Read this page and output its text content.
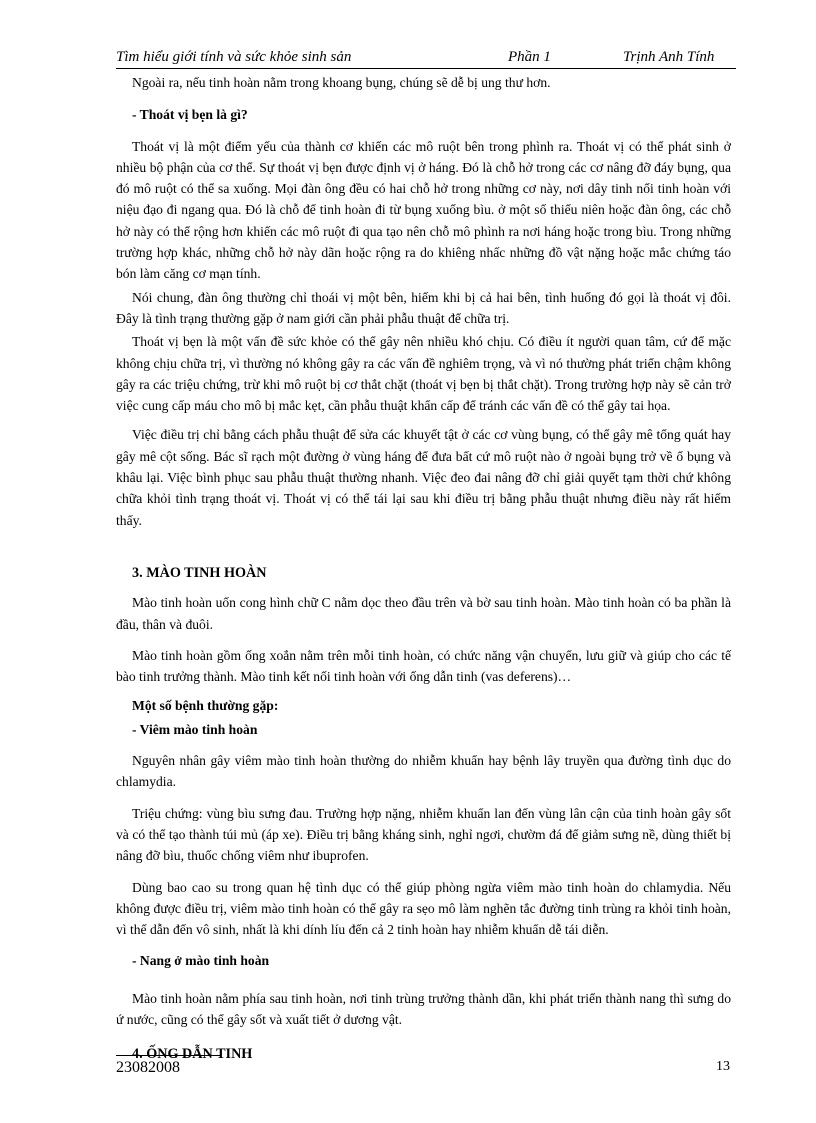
Tìm hiểu giới tính và sức khỏe sinh sản	Phần 1	Trịnh Anh Tính

Ngoài ra, nếu tinh hoàn nằm trong khoang bụng, chúng sẽ dễ bị ung thư hơn.

- Thoát vị bẹn là gì?

Thoát vị là một điểm yếu của thành cơ khiến các mô ruột bên trong phình ra. Thoát vị có thể phát sinh ở nhiều bộ phận của cơ thể. Sự thoát vị bẹn được định vị ở háng. Đó là chỗ hở trong các cơ nâng đỡ đáy bụng, qua đó mô ruột có thể sa xuống. Mọi đàn ông đều có hai chỗ hở trong những cơ này, nơi dây tinh nối tinh hoàn với niệu đạo đi ngang qua. Đó là chỗ để tinh hoàn đi từ bụng xuống bìu. ở một số thiếu niên hoặc đàn ông, các chỗ hở này có thể rộng hơn khiến các mô ruột đi qua tạo nên chỗ mô phình ra nơi háng hoặc trong bìu. Trong những trường hợp khác, những chỗ hở này dãn hoặc rộng ra do khiêng nhấc những đồ vật nặng hoặc mắc chứng táo bón làm căng cơ mạn tính.

Nói chung, đàn ông thường chỉ thoái vị một bên, hiếm khi bị cả hai bên, tình huống đó gọi là thoát vị đôi. Đây là tình trạng thường gặp ở nam giới cần phải phẫu thuật để chữa trị.

Thoát vị bẹn là một vấn đề sức khỏe có thể gây nên nhiều khó chịu. Có điều ít người quan tâm, cứ để mặc không chịu chữa trị, vì thường nó không gây ra các vấn đề nghiêm trọng, và vì nó thường phát triển chậm không gây ra các triệu chứng, trừ khi mô ruột bị cơ thắt chặt (thoát vị bẹn bị thắt chặt). Trong trường hợp này sẽ cản trở việc cung cấp máu cho mô bị mắc kẹt, cần phẫu thuật khẩn cấp để tránh các vấn đề có thể gây tai họa.

Việc điều trị chỉ bằng cách phẫu thuật để sửa các khuyết tật ở các cơ vùng bụng, có thể gây mê tổng quát hay gây mê cột sống. Bác sĩ rạch một đường ở vùng háng để đưa bất cứ mô ruột nào ở ngoài bụng trở về ổ bụng và khâu lại. Việc bình phục sau phẫu thuật thường nhanh. Việc đeo đai nâng đỡ chỉ giải quyết tạm thời chứ không chữa khỏi tình trạng thoát vị. Thoát vị có thể tái lại sau khi điều trị bằng phẫu thuật nhưng điều này rất hiếm thấy.

3. MÀO TINH HOÀN

Mào tinh hoàn uốn cong hình chữ C nằm dọc theo đầu trên và bờ sau tinh hoàn. Mào tinh hoàn có ba phần là đầu, thân và đuôi.

Mào tinh hoàn gồm ống xoắn nằm trên mỗi tinh hoàn, có chức năng vận chuyển, lưu giữ và giúp cho các tế bào tinh trưởng thành. Mào tinh kết nối tinh hoàn với ống dẫn tinh (vas deferens)…

Một số bệnh thường gặp:

- Viêm mào tinh hoàn

Nguyên nhân gây viêm mào tinh hoàn thường do nhiễm khuẩn hay bệnh lây truyền qua đường tình dục do chlamydia.

Triệu chứng: vùng bìu sưng đau. Trường hợp nặng, nhiễm khuẩn lan đến vùng lân cận của tinh hoàn gây sốt và có thể tạo thành túi mủ (áp xe). Điều trị bằng kháng sinh, nghỉ ngơi, chườm đá để giảm sưng nề, dùng thiết bị nâng đỡ bìu, thuốc chống viêm như ibuprofen.

Dùng bao cao su trong quan hệ tình dục có thể giúp phòng ngừa viêm mào tinh hoàn do chlamydia. Nếu không được điều trị, viêm mào tinh hoàn có thể gây ra sẹo mô làm nghẽn tắc đường tinh trùng ra khỏi tinh hoàn, vì thế dẫn đến vô sinh, nhất là khi dính líu đến cả 2 tinh hoàn hay nhiễm khuẩn dễ tái diễn.

- Nang ở mào tinh hoàn

Mào tinh hoàn nằm phía sau tinh hoàn, nơi tinh trùng trưởng thành dần, khi phát triển thành nang thì sưng do ứ nước, cũng có thể gây sốt và xuất tiết ở dương vật.

4. ỐNG DẪN TINH

23082008	13
